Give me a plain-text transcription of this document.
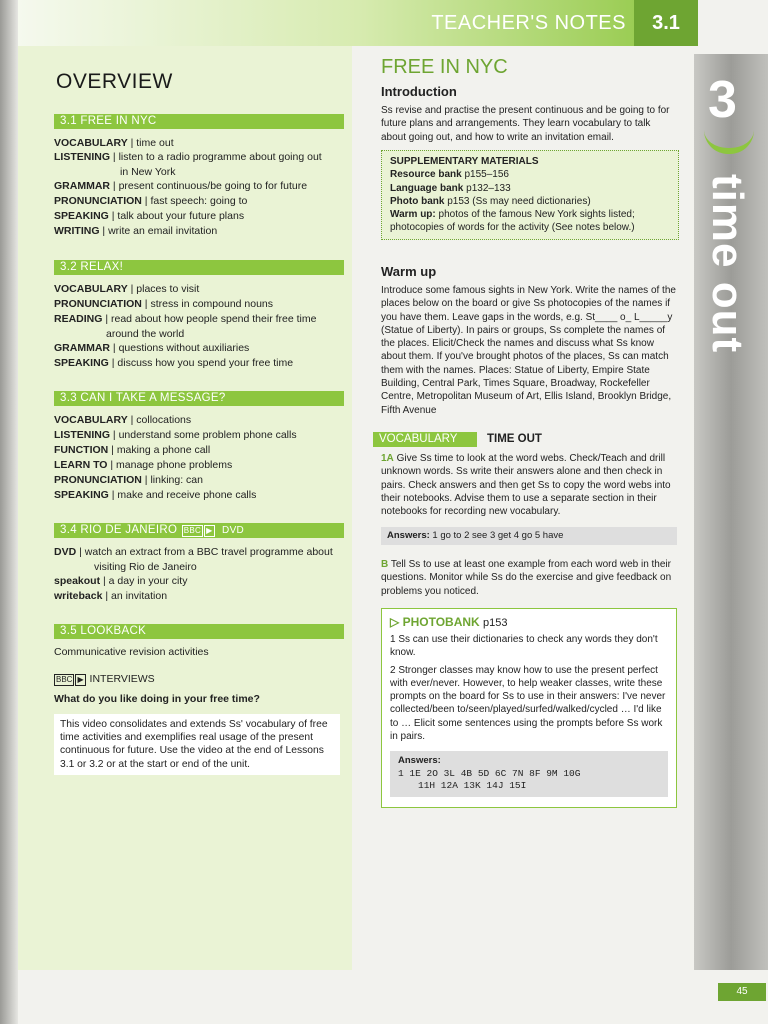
TEACHER'S NOTES	3.1
3
time out
OVERVIEW
3.1 FREE IN NYC
VOCABULARY | time out
LISTENING | listen to a radio programme about going out
in New York
GRAMMAR | present continuous/be going to for future
PRONUNCIATION | fast speech: going to
SPEAKING | talk about your future plans
WRITING | write an email invitation
3.2 RELAX!
VOCABULARY | places to visit
PRONUNCIATION | stress in compound nouns
READING | read about how people spend their free time
around the world
GRAMMAR | questions without auxiliaries
SPEAKING | discuss how you spend your free time
3.3 CAN I TAKE A MESSAGE?
VOCABULARY | collocations
LISTENING | understand some problem phone calls
FUNCTION | making a phone call
LEARN TO | manage phone problems
PRONUNCIATION | linking: can
SPEAKING | make and receive phone calls
3.4 RIO DE JANEIRO BBC ▶ DVD
DVD | watch an extract from a BBC travel programme about
visiting Rio de Janeiro
speakout | a day in your city
writeback | an invitation
3.5 LOOKBACK
Communicative revision activities
BBC ▶ INTERVIEWS
What do you like doing in your free time?
This video consolidates and extends Ss' vocabulary of free time activities and exemplifies real usage of the present continuous for future. Use the video at the end of Lessons 3.1 or 3.2 or at the start or end of the unit.
FREE IN NYC
Introduction
Ss revise and practise the present continuous and be going to for future plans and arrangements. They learn vocabulary to talk about going out, and how to write an invitation email.
SUPPLEMENTARY MATERIALS
Resource bank p155–156
Language bank p132–133
Photo bank p153 (Ss may need dictionaries)
Warm up: photos of the famous New York sights listed; photocopies of words for the activity (See notes below.)
Warm up
Introduce some famous sights in New York. Write the names of the places below on the board or give Ss photocopies of the names if you have them. Leave gaps in the words, e.g. St____ o_ L_____y (Statue of Liberty). In pairs or groups, Ss complete the names of the places. Elicit/Check the names and discuss what Ss know about them. If you've brought photos of the places, Ss can match them with the names. Places: Statue of Liberty, Empire State Building, Central Park, Times Square, Broadway, Rockefeller Centre, Metropolitan Museum of Art, Ellis Island, Brooklyn Bridge, Fifth Avenue
VOCABULARY	TIME OUT
1A Give Ss time to look at the word webs. Check/Teach and drill unknown words. Ss write their answers alone and then check in pairs. Check answers and then get Ss to copy the word webs into their notebooks. Advise them to use a separate section in their notebooks for recording new vocabulary.
Answers: 1 go to 2 see 3 get 4 go 5 have
B Tell Ss to use at least one example from each word web in their questions. Monitor while Ss do the exercise and give feedback on problems you noticed.
▷ PHOTOBANK p153
1 Ss can use their dictionaries to check any words they don't know.
2 Stronger classes may know how to use the present perfect with ever/never. However, to help weaker classes, write these prompts on the board for Ss to use in their answers: I've never collected/been to/seen/played/surfed/walked/cycled … I'd like to … Elicit some sentences using the prompts before Ss work in pairs.
Answers:
1 1E 2O 3L 4B 5D 6C 7N 8F 9M 10G
11H 12A 13K 14J 15I
45
